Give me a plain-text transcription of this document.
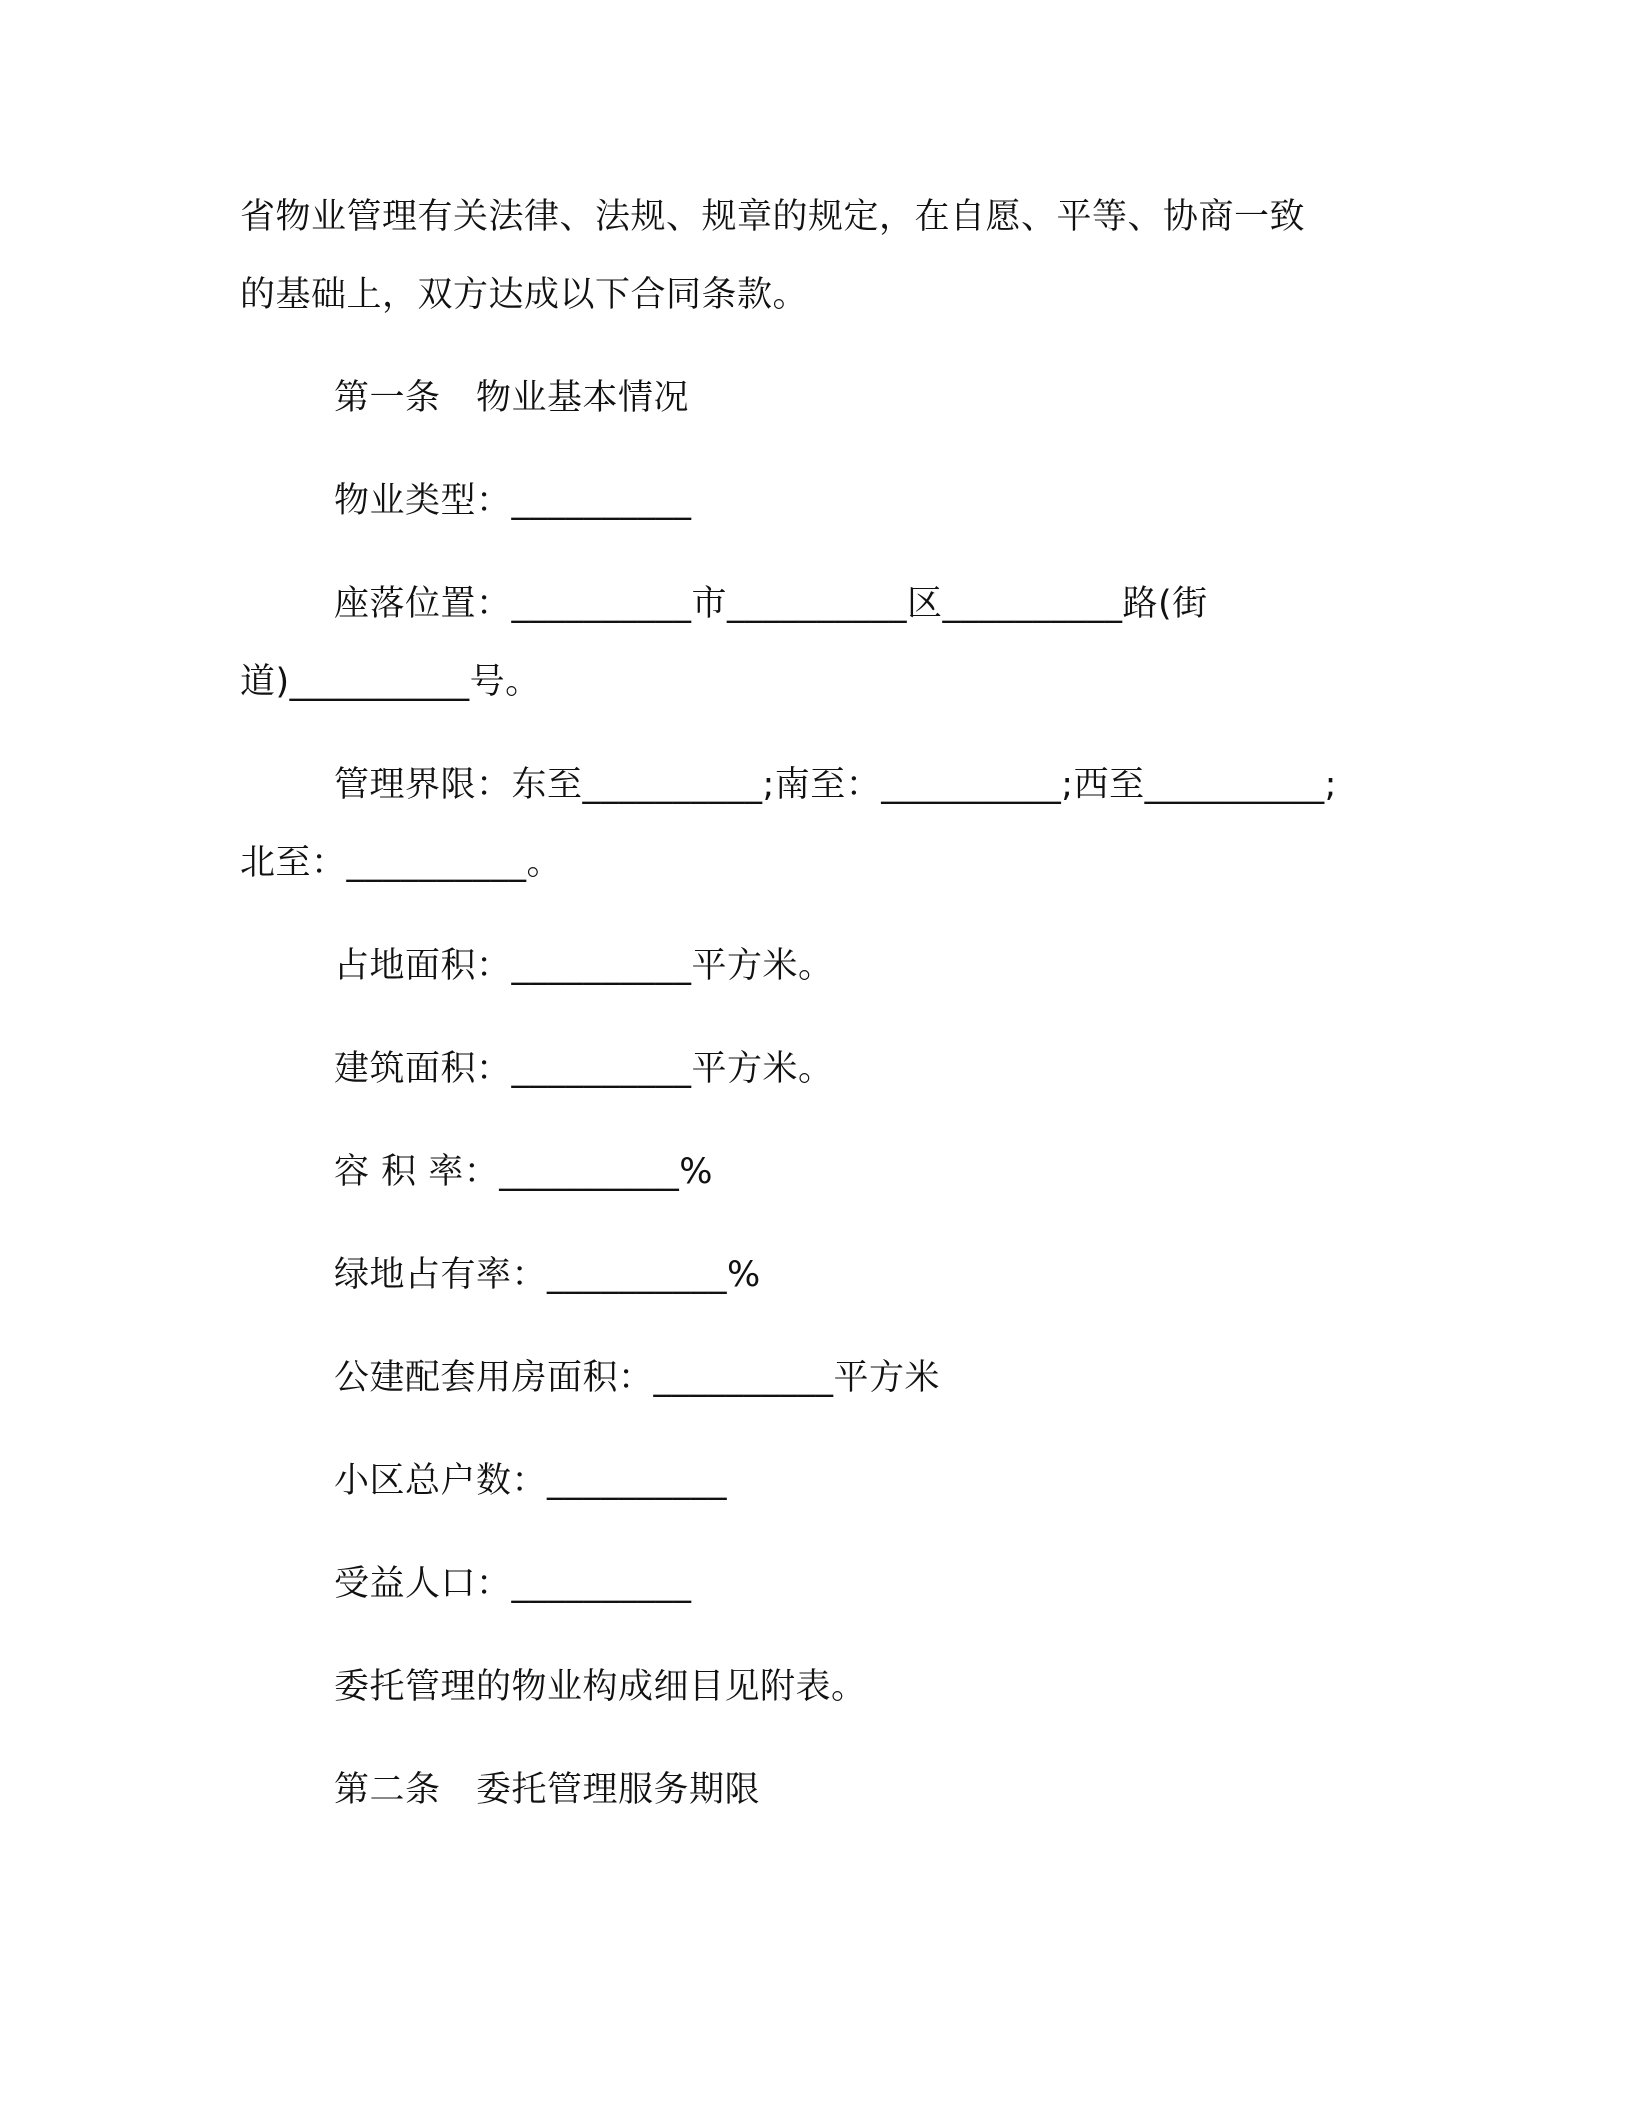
省物业管理有关法律、法规、规章的规定，在自愿、平等、协商一致
的基础上，双方达成以下合同条款。
第一条　物业基本情况
物业类型：__________
座落位置：__________市__________区__________路(街
道)__________号。
管理界限：东至__________;南至：__________;西至__________;
北至：__________。
占地面积：__________平方米。
建筑面积：__________平方米。
容 积 率：__________%
绿地占有率：__________%
公建配套用房面积：__________平方米
小区总户数：__________
受益人口：__________
委托管理的物业构成细目见附表。
第二条　委托管理服务期限
